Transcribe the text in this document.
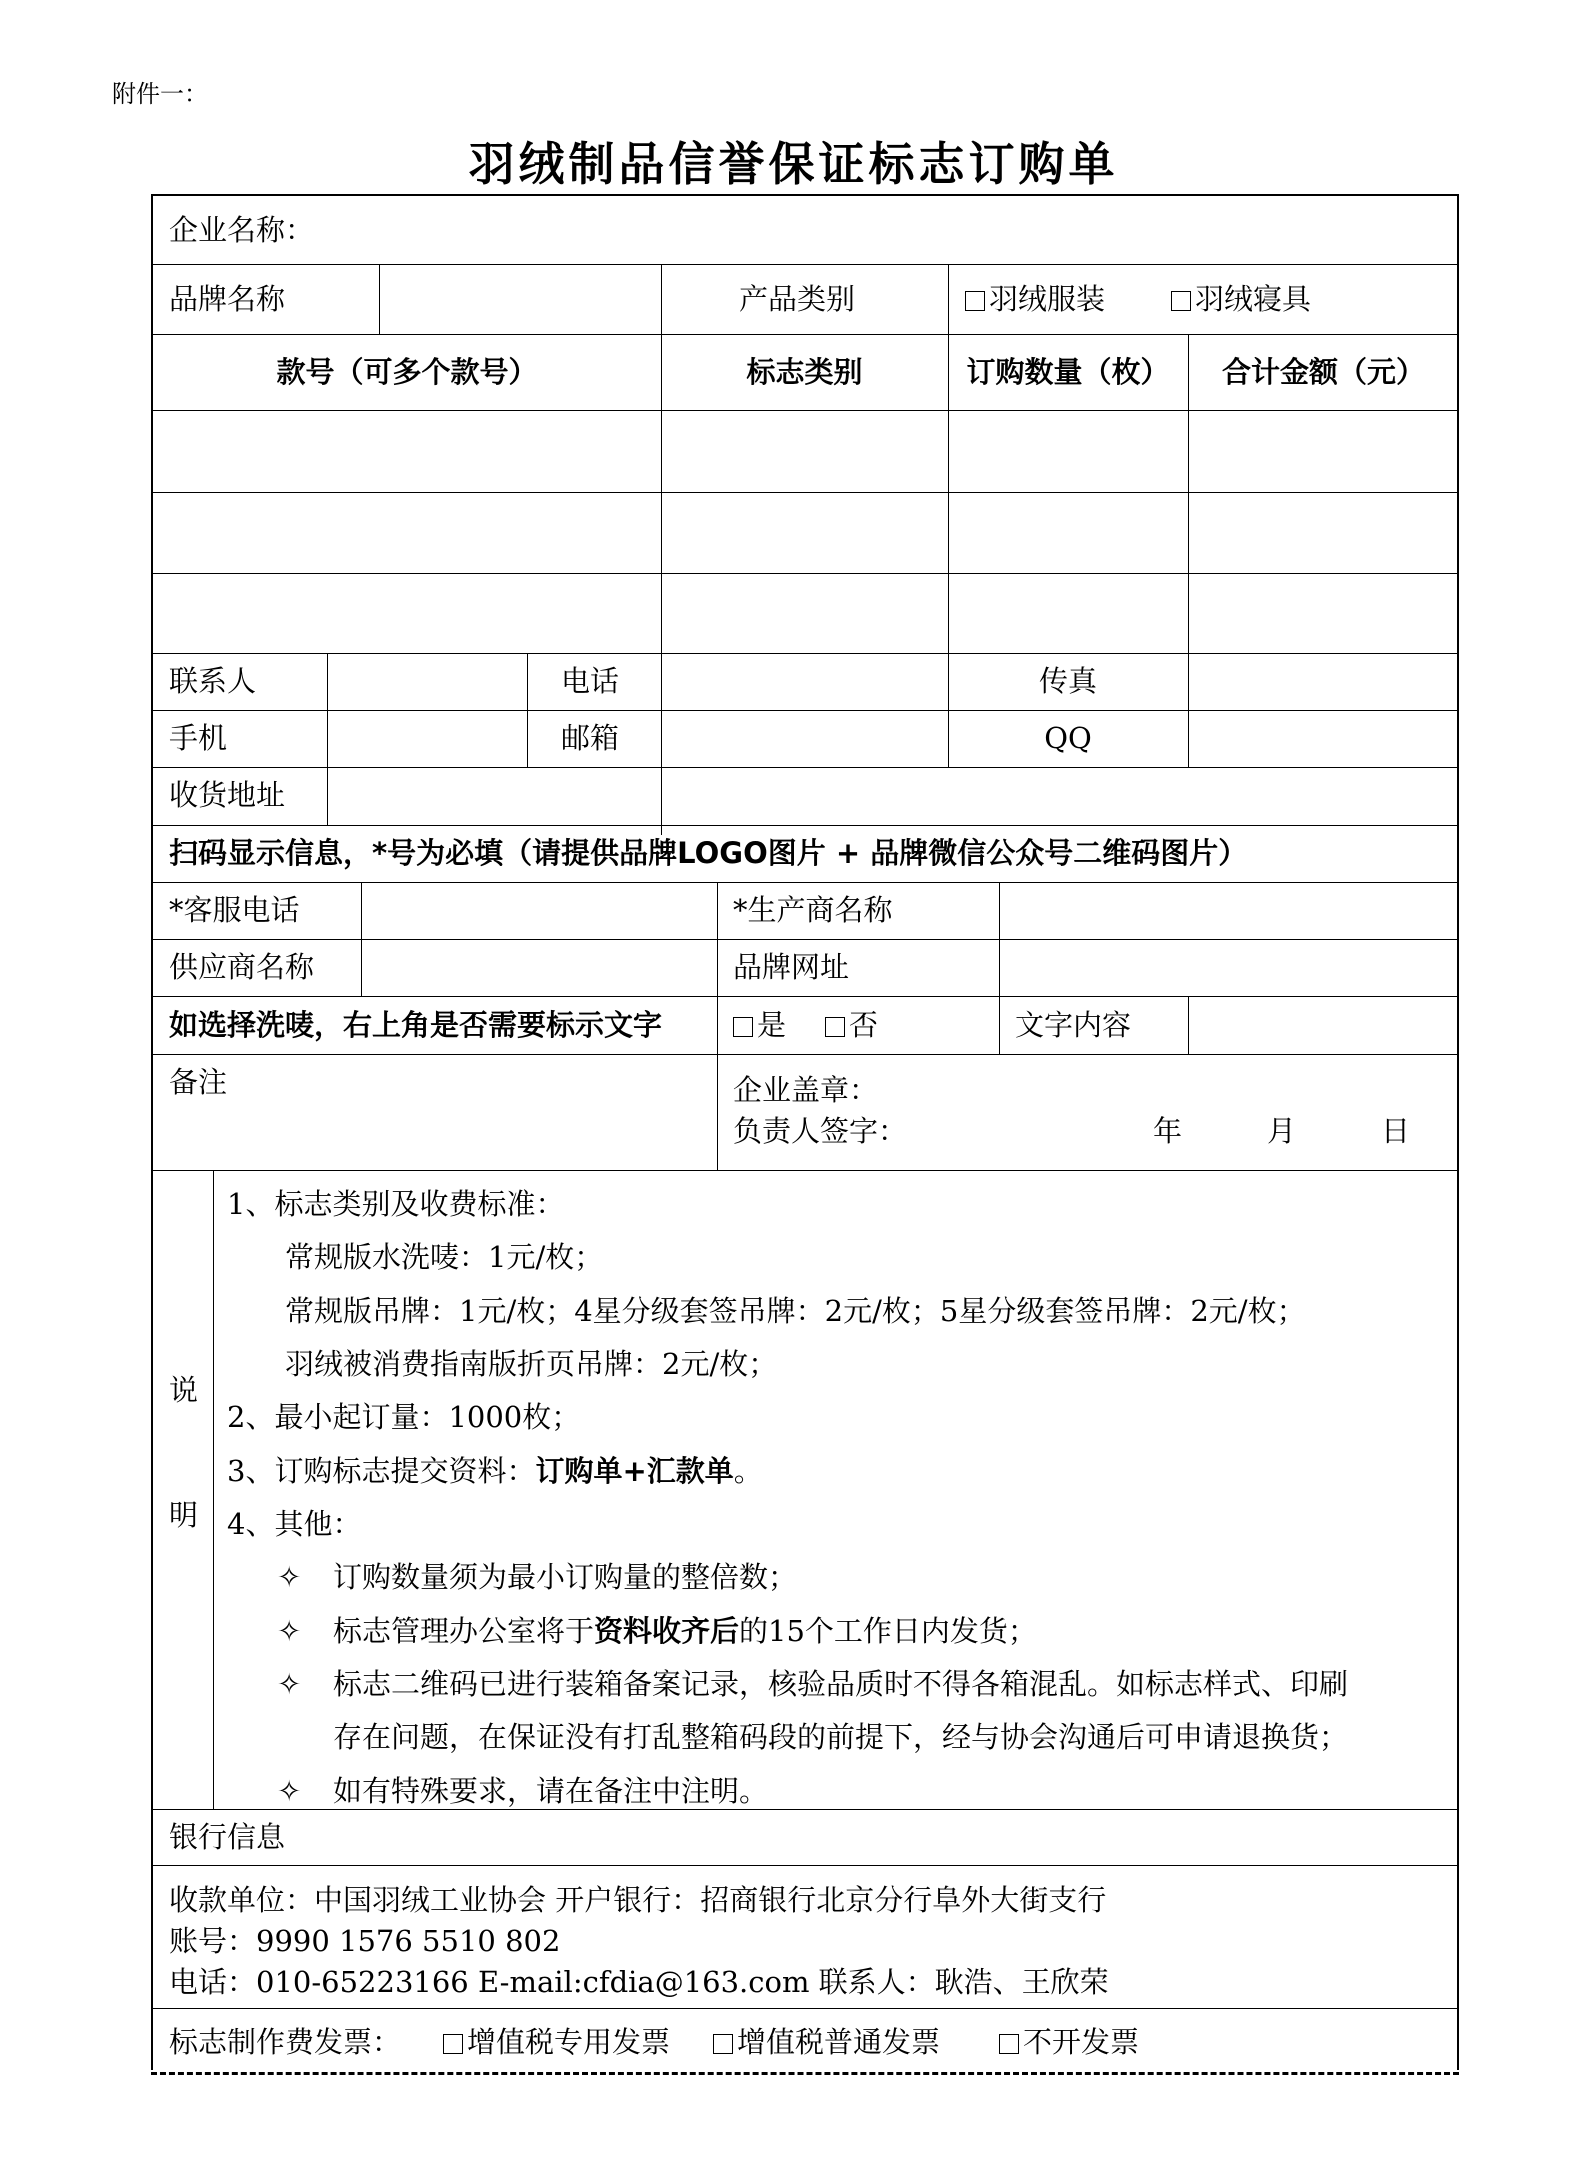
附件一：
羽绒制品信誉保证标志订购单
企业名称：
品牌名称	产品类别	羽绒服装	羽绒寝具
款号（可多个款号）	标志类别	订购数量（枚）	合计金额（元）
联系人	电话	传真
手机	邮箱	QQ
收货地址
扫码显示信息，*号为必填（请提供品牌LOGO图片 + 品牌微信公众号二维码图片）
*客服电话	*生产商名称
供应商名称	品牌网址
如选择洗唛，右上角是否需要标示文字	是	否	文字内容
备注	企业盖章：
负责人签字：	年	月	日
说
明
1、标志类别及收费标准：
常规版水洗唛：1元/枚；
常规版吊牌：1元/枚；4星分级套签吊牌：2元/枚；5星分级套签吊牌：2元/枚；
羽绒被消费指南版折页吊牌：2元/枚；
2、最小起订量：1000枚；
3、订购标志提交资料：订购单+汇款单。
4、其他：
✧ 订购数量须为最小订购量的整倍数；
✧ 标志管理办公室将于资料收齐后的15个工作日内发货；
✧ 标志二维码已进行装箱备案记录，核验品质时不得各箱混乱。如标志样式、印刷
存在问题，在保证没有打乱整箱码段的前提下，经与协会沟通后可申请退换货；
✧ 如有特殊要求，请在备注中注明。
银行信息
收款单位：中国羽绒工业协会 开户银行：招商银行北京分行阜外大街支行
账号：9990 1576 5510 802
电话：010-65223166 E-mail:cfdia@163.com 联系人：耿浩、王欣荣
标志制作费发票：	增值税专用发票	增值税普通发票	不开发票
